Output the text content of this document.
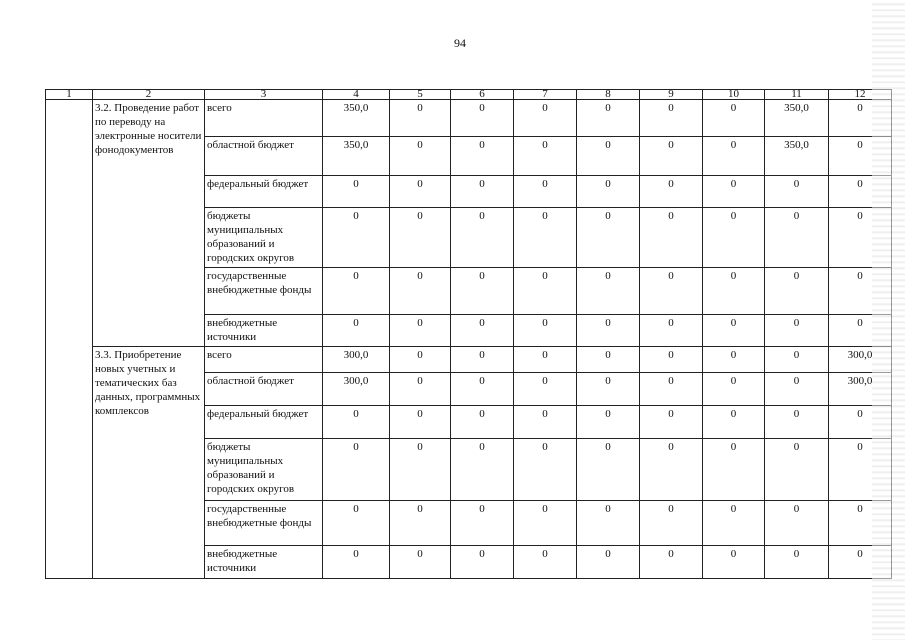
94
1	2	3	4	5	6	7	8	9	10	11	12
	3.2. Проведение работ по переводу на электронные носители фонодокументов	всего	350,0	0	0	0	0	0	0	350,0	0
		областной бюджет	350,0	0	0	0	0	0	0	350,0	0
		федеральный бюджет	0	0	0	0	0	0	0	0	0
		бюджеты муниципальных образований и городских округов	0	0	0	0	0	0	0	0	0
		государственные внебюджетные фонды	0	0	0	0	0	0	0	0	0
		внебюджетные источники	0	0	0	0	0	0	0	0	0
	3.3. Приобретение новых учетных и тематических баз данных, программных комплексов	всего	300,0	0	0	0	0	0	0	0	300,0
		областной бюджет	300,0	0	0	0	0	0	0	0	300,0
		федеральный бюджет	0	0	0	0	0	0	0	0	0
		бюджеты муниципальных образований и городских округов	0	0	0	0	0	0	0	0	0
		государственные внебюджетные фонды	0	0	0	0	0	0	0	0	0
		внебюджетные источники	0	0	0	0	0	0	0	0	0
